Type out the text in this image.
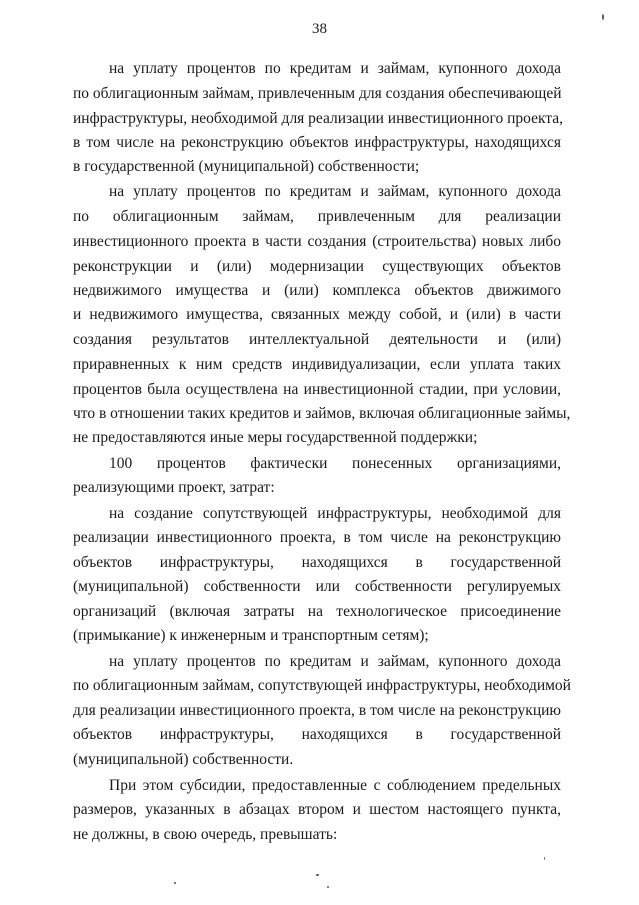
38
на уплату процентов по кредитам и займам, купонного дохода
по облигационным займам, привлеченным для создания обеспечивающей
инфраструктуры, необходимой для реализации инвестиционного проекта,
в том числе на реконструкцию объектов инфраструктуры, находящихся
в государственной (муниципальной) собственности;
на уплату процентов по кредитам и займам, купонного дохода
по облигационным займам, привлеченным для реализации
инвестиционного проекта в части создания (строительства) новых либо
реконструкции и (или) модернизации существующих объектов
недвижимого имущества и (или) комплекса объектов движимого
и недвижимого имущества, связанных между собой, и (или) в части
создания результатов интеллектуальной деятельности и (или)
приравненных к ним средств индивидуализации, если уплата таких
процентов была осуществлена на инвестиционной стадии, при условии,
что в отношении таких кредитов и займов, включая облигационные займы,
не предоставляются иные меры государственной поддержки;
100 процентов фактически понесенных организациями,
реализующими проект, затрат:
на создание сопутствующей инфраструктуры, необходимой для
реализации инвестиционного проекта, в том числе на реконструкцию
объектов инфраструктуры, находящихся в государственной
(муниципальной) собственности или собственности регулируемых
организаций (включая затраты на технологическое присоединение
(примыкание) к инженерным и транспортным сетям);
на уплату процентов по кредитам и займам, купонного дохода
по облигационным займам, сопутствующей инфраструктуры, необходимой
для реализации инвестиционного проекта, в том числе на реконструкцию
объектов инфраструктуры, находящихся в государственной
(муниципальной) собственности.
При этом субсидии, предоставленные с соблюдением предельных
размеров, указанных в абзацах втором и шестом настоящего пункта,
не должны, в свою очередь, превышать:
